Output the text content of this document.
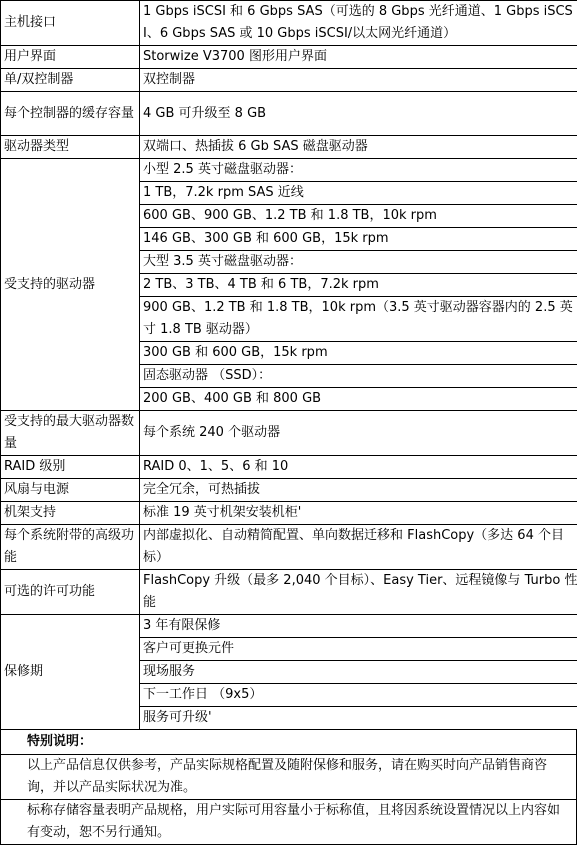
主机接口	1 Gbps iSCSI 和 6 Gbps SAS（可选的 8 Gbps 光纤通道、1 Gbps iSCSI、6 Gbps SAS 或 10 Gbps iSCSI/以太网光纤通道）
用户界面	Storwize V3700 图形用户界面
单/双控制器	双控制器
每个控制器的缓存容量	4 GB 可升级至 8 GB
驱动器类型	双端口、热插拔 6 Gb SAS 磁盘驱动器
受支持的驱动器	小型 2.5 英寸磁盘驱动器：
	1 TB，7.2k rpm SAS 近线
	600 GB、900 GB、1.2 TB 和 1.8 TB，10k rpm
	146 GB、300 GB 和 600 GB，15k rpm
	大型 3.5 英寸磁盘驱动器：
	2 TB、3 TB、4 TB 和 6 TB，7.2k rpm
	900 GB、1.2 TB 和 1.8 TB，10k rpm（3.5 英寸驱动器容器内的 2.5 英寸 1.8 TB 驱动器）
	300 GB 和 600 GB，15k rpm
	固态驱动器 （SSD）：
	200 GB、400 GB 和 800 GB
受支持的最大驱动器数量	每个系统 240 个驱动器
RAID 级别	RAID 0、1、5、6 和 10
风扇与电源	完全冗余，可热插拔
机架支持	标准 19 英寸机架安装机柜'
每个系统附带的高级功能	内部虚拟化、自动精简配置、单向数据迁移和 FlashCopy（多达 64 个目标）
可选的许可功能	FlashCopy 升级（最多 2,040 个目标）、Easy Tier、远程镜像与 Turbo 性能
保修期	3 年有限保修
	客户可更换元件
	现场服务
	下一工作日 （9x5）
	服务可升级'
特别说明：
以上产品信息仅供参考，产品实际规格配置及随附保修和服务，请在购买时向产品销售商咨询，并以产品实际状况为准。
标称存储容量表明产品规格，用户实际可用容量小于标称值，且将因系统设置情况以上内容如有变动，恕不另行通知。
